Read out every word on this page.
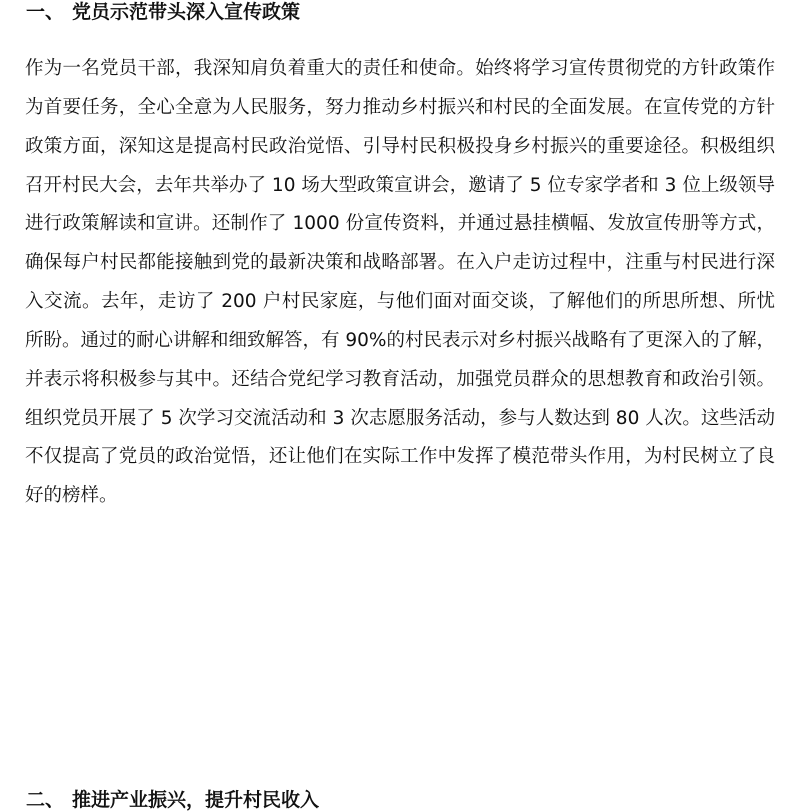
一、 党员示范带头深入宣传政策
作为一名党员干部，我深知肩负着重大的责任和使命。始终将学习宣传贯彻党的方针政策作
为首要任务，全心全意为人民服务，努力推动乡村振兴和村民的全面发展。在宣传党的方针
政策方面，深知这是提高村民政治觉悟、引导村民积极投身乡村振兴的重要途径。积极组织
召开村民大会，去年共举办了 10 场大型政策宣讲会，邀请了 5 位专家学者和 3 位上级领导
进行政策解读和宣讲。还制作了 1000 份宣传资料，并通过悬挂横幅、发放宣传册等方式，
确保每户村民都能接触到党的最新决策和战略部署。在入户走访过程中，注重与村民进行深
入交流。去年，走访了 200 户村民家庭，与他们面对面交谈，了解他们的所思所想、所忧
所盼。通过的耐心讲解和细致解答，有 90%的村民表示对乡村振兴战略有了更深入的了解，
并表示将积极参与其中。还结合党纪学习教育活动，加强党员群众的思想教育和政治引领。
组织党员开展了 5 次学习交流活动和 3 次志愿服务活动，参与人数达到 80 人次。这些活动
不仅提高了党员的政治觉悟，还让他们在实际工作中发挥了模范带头作用，为村民树立了良
好的榜样。
二、 推进产业振兴，提升村民收入
